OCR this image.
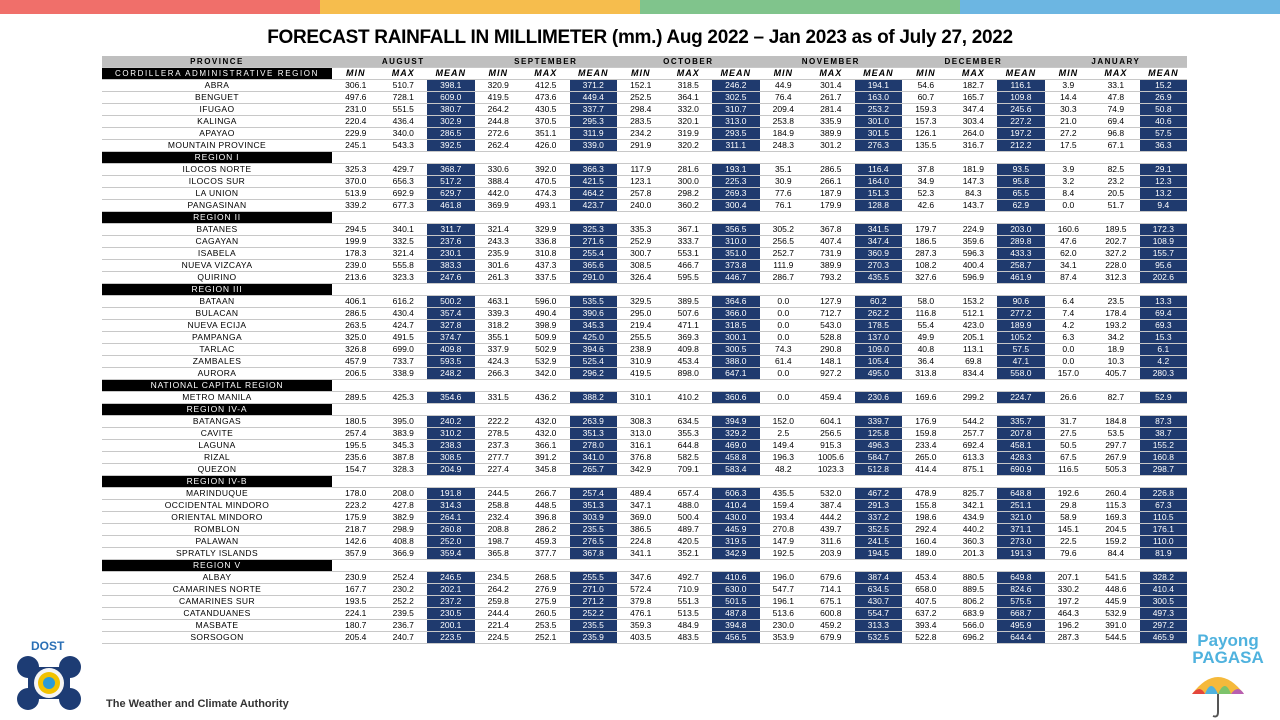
FORECAST RAINFALL IN MILLIMETER (mm.) Aug 2022 – Jan 2023 as of July 27, 2022
PROVINCE	AUGUST			SEPTEMBER			OCTOBER			NOVEMBER			DECEMBER			JANUARY		
CORDILLERA ADMINISTRATIVE REGION	MIN	MAX	MEAN	MIN	MAX	MEAN	MIN	MAX	MEAN	MIN	MAX	MEAN	MIN	MAX	MEAN	MIN	MAX	MEAN
ABRA	306.1	510.7	398.1	320.9	412.5	371.2	152.1	318.5	246.2	44.9	301.4	194.1	54.6	182.7	116.1	3.9	33.1	15.2
BENGUET	497.6	728.1	609.0	419.5	473.6	449.4	252.5	364.1	302.5	76.4	261.7	163.0	60.7	165.7	109.8	14.4	47.8	26.9
IFUGAO	231.0	551.5	380.7	264.2	430.5	337.7	298.4	332.0	310.7	209.4	281.4	253.2	159.3	347.4	245.6	30.3	74.9	50.8
KALINGA	220.4	436.4	302.9	244.8	370.5	295.3	283.5	320.1	313.0	253.8	335.9	301.0	157.3	303.4	227.2	21.0	69.4	40.6
APAYAO	229.9	340.0	286.5	272.6	351.1	311.9	234.2	319.9	293.5	184.9	389.9	301.5	126.1	264.0	197.2	27.2	96.8	57.5
MOUNTAIN PROVINCE	245.1	543.3	392.5	262.4	426.0	339.0	291.9	320.2	311.1	248.3	301.2	276.3	135.5	316.7	212.2	17.5	67.1	36.3
REGION I																		
ILOCOS NORTE	325.3	429.7	368.7	330.6	392.0	366.3	117.9	281.6	193.1	35.1	286.5	116.4	37.8	181.9	93.5	3.9	82.5	29.1
ILOCOS SUR	370.0	656.3	517.2	388.4	470.5	421.5	123.1	300.0	225.3	30.9	266.1	164.0	34.9	147.3	95.8	3.2	23.2	12.3
LA UNION	513.9	692.9	629.7	442.0	474.3	464.2	257.8	298.2	269.3	77.6	187.9	151.3	52.3	84.3	65.5	8.4	20.5	13.2
PANGASINAN	339.2	677.3	461.8	369.9	493.1	423.7	240.0	360.2	300.4	76.1	179.9	128.8	42.6	143.7	62.9	0.0	51.7	9.4
REGION II																		
BATANES	294.5	340.1	311.7	321.4	329.9	325.3	335.3	367.1	356.5	305.2	367.8	341.5	179.7	224.9	203.0	160.6	189.5	172.3
CAGAYAN	199.9	332.5	237.6	243.3	336.8	271.6	252.9	333.7	310.0	256.5	407.4	347.4	186.5	359.6	289.8	47.6	202.7	108.9
ISABELA	178.3	321.4	230.1	235.9	310.8	255.4	300.7	553.1	351.0	252.7	731.9	360.9	287.3	596.3	433.3	62.0	327.2	155.7
NUEVA VIZCAYA	239.0	555.8	383.3	301.6	437.3	365.6	308.5	466.7	373.8	111.9	389.9	270.3	108.2	400.4	258.7	34.1	228.0	95.6
QUIRINO	213.6	323.3	247.6	261.3	337.5	291.0	326.4	595.5	446.7	286.7	793.2	435.5	327.6	596.9	461.9	87.4	312.3	202.6
REGION III																		
BATAAN	406.1	616.2	500.2	463.1	596.0	535.5	329.5	389.5	364.6	0.0	127.9	60.2	58.0	153.2	90.6	6.4	23.5	13.3
BULACAN	286.5	430.4	357.4	339.3	490.4	390.6	295.0	507.6	366.0	0.0	712.7	262.2	116.8	512.1	277.2	7.4	178.4	69.4
NUEVA ECIJA	263.5	424.7	327.8	318.2	398.9	345.3	219.4	471.1	318.5	0.0	543.0	178.5	55.4	423.0	189.9	4.2	193.2	69.3
PAMPANGA	325.0	491.5	374.7	355.1	509.9	425.0	255.5	369.3	300.1	0.0	528.8	137.0	49.9	205.1	105.2	6.3	34.2	15.3
TARLAC	326.8	699.0	409.8	337.9	502.9	394.6	238.9	409.8	300.5	74.3	290.8	109.0	40.8	113.1	57.5	0.0	18.9	6.1
ZAMBALES	457.9	733.7	593.5	424.3	532.9	525.4	310.9	453.4	388.0	61.4	148.1	105.4	36.4	69.8	47.1	0.0	10.3	4.2
AURORA	206.5	338.9	248.2	266.3	342.0	296.2	419.5	898.0	647.1	0.0	927.2	495.0	313.8	834.4	558.0	157.0	405.7	280.3
NATIONAL CAPITAL REGION																		
METRO MANILA	289.5	425.3	354.6	331.5	436.2	388.2	310.1	410.2	360.6	0.0	459.4	230.6	169.6	299.2	224.7	26.6	82.7	52.9
REGION IV-A																		
BATANGAS	180.5	395.0	240.2	222.2	432.0	263.9	308.3	634.5	394.9	152.0	604.1	339.7	176.9	544.2	335.7	31.7	184.8	87.3
CAVITE	257.4	383.9	310.2	278.5	432.0	351.3	313.0	355.3	329.2	2.5	256.5	125.8	159.8	257.7	207.8	27.5	53.5	38.7
LAGUNA	195.5	345.3	238.3	237.3	366.1	278.0	316.1	644.8	469.0	149.4	915.3	496.3	233.4	692.4	458.1	50.5	297.7	155.2
RIZAL	235.6	387.8	308.5	277.7	391.2	341.0	376.8	582.5	458.8	196.3	1005.6	584.7	265.0	613.3	428.3	67.5	267.9	160.8
QUEZON	154.7	328.3	204.9	227.4	345.8	265.7	342.9	709.1	583.4	48.2	1023.3	512.8	414.4	875.1	690.9	116.5	505.3	298.7
REGION IV-B																		
MARINDUQUE	178.0	208.0	191.8	244.5	266.7	257.4	489.4	657.4	606.3	435.5	532.0	467.2	478.9	825.7	648.8	192.6	260.4	226.8
OCCIDENTAL MINDORO	223.2	427.8	314.3	258.8	448.5	351.3	347.1	488.0	410.4	159.4	387.4	291.3	155.8	342.1	251.1	29.8	115.3	67.3
ORIENTAL MINDORO	175.9	382.9	264.1	232.4	396.8	303.9	369.0	500.4	430.0	193.4	444.2	337.2	198.6	434.9	321.0	58.9	169.3	110.5
ROMBLON	218.7	298.9	260.8	208.8	286.2	235.5	386.5	489.7	445.9	270.8	439.7	352.5	292.4	440.2	371.1	145.1	204.5	176.1
PALAWAN	142.6	408.8	252.0	198.7	459.3	276.5	224.8	420.5	319.5	147.9	311.6	241.5	160.4	360.3	273.0	22.5	159.2	110.0
SPRATLY ISLANDS	357.9	366.9	359.4	365.8	377.7	367.8	341.1	352.1	342.9	192.5	203.9	194.5	189.0	201.3	191.3	79.6	84.4	81.9
REGION V																		
ALBAY	230.9	252.4	246.5	234.5	268.5	255.5	347.6	492.7	410.6	196.0	679.6	387.4	453.4	880.5	649.8	207.1	541.5	328.2
CAMARINES NORTE	167.7	230.2	202.1	264.2	276.9	271.0	572.4	710.9	630.0	547.7	714.1	634.5	658.0	889.5	824.6	330.2	448.6	410.4
CAMARINES SUR	193.5	252.2	237.2	259.8	275.9	271.2	379.8	551.3	501.5	196.1	675.1	430.7	407.5	806.2	575.5	197.2	445.9	300.5
CATANDUANES	224.1	239.5	230.5	244.4	260.5	252.2	476.1	513.5	487.8	513.6	600.8	554.7	637.2	683.9	668.7	464.3	532.9	497.3
MASBATE	180.7	236.7	200.1	221.4	253.5	235.5	359.3	484.9	394.8	230.0	459.2	313.3	393.4	566.0	495.9	196.2	391.0	297.2
SORSOGON	205.4	240.7	223.5	224.5	252.1	235.9	403.5	483.5	456.5	353.9	679.9	532.5	522.8	696.2	644.4	287.3	544.5	465.9
DOST
The Weather and Climate Authority
Payong
PAGASA
